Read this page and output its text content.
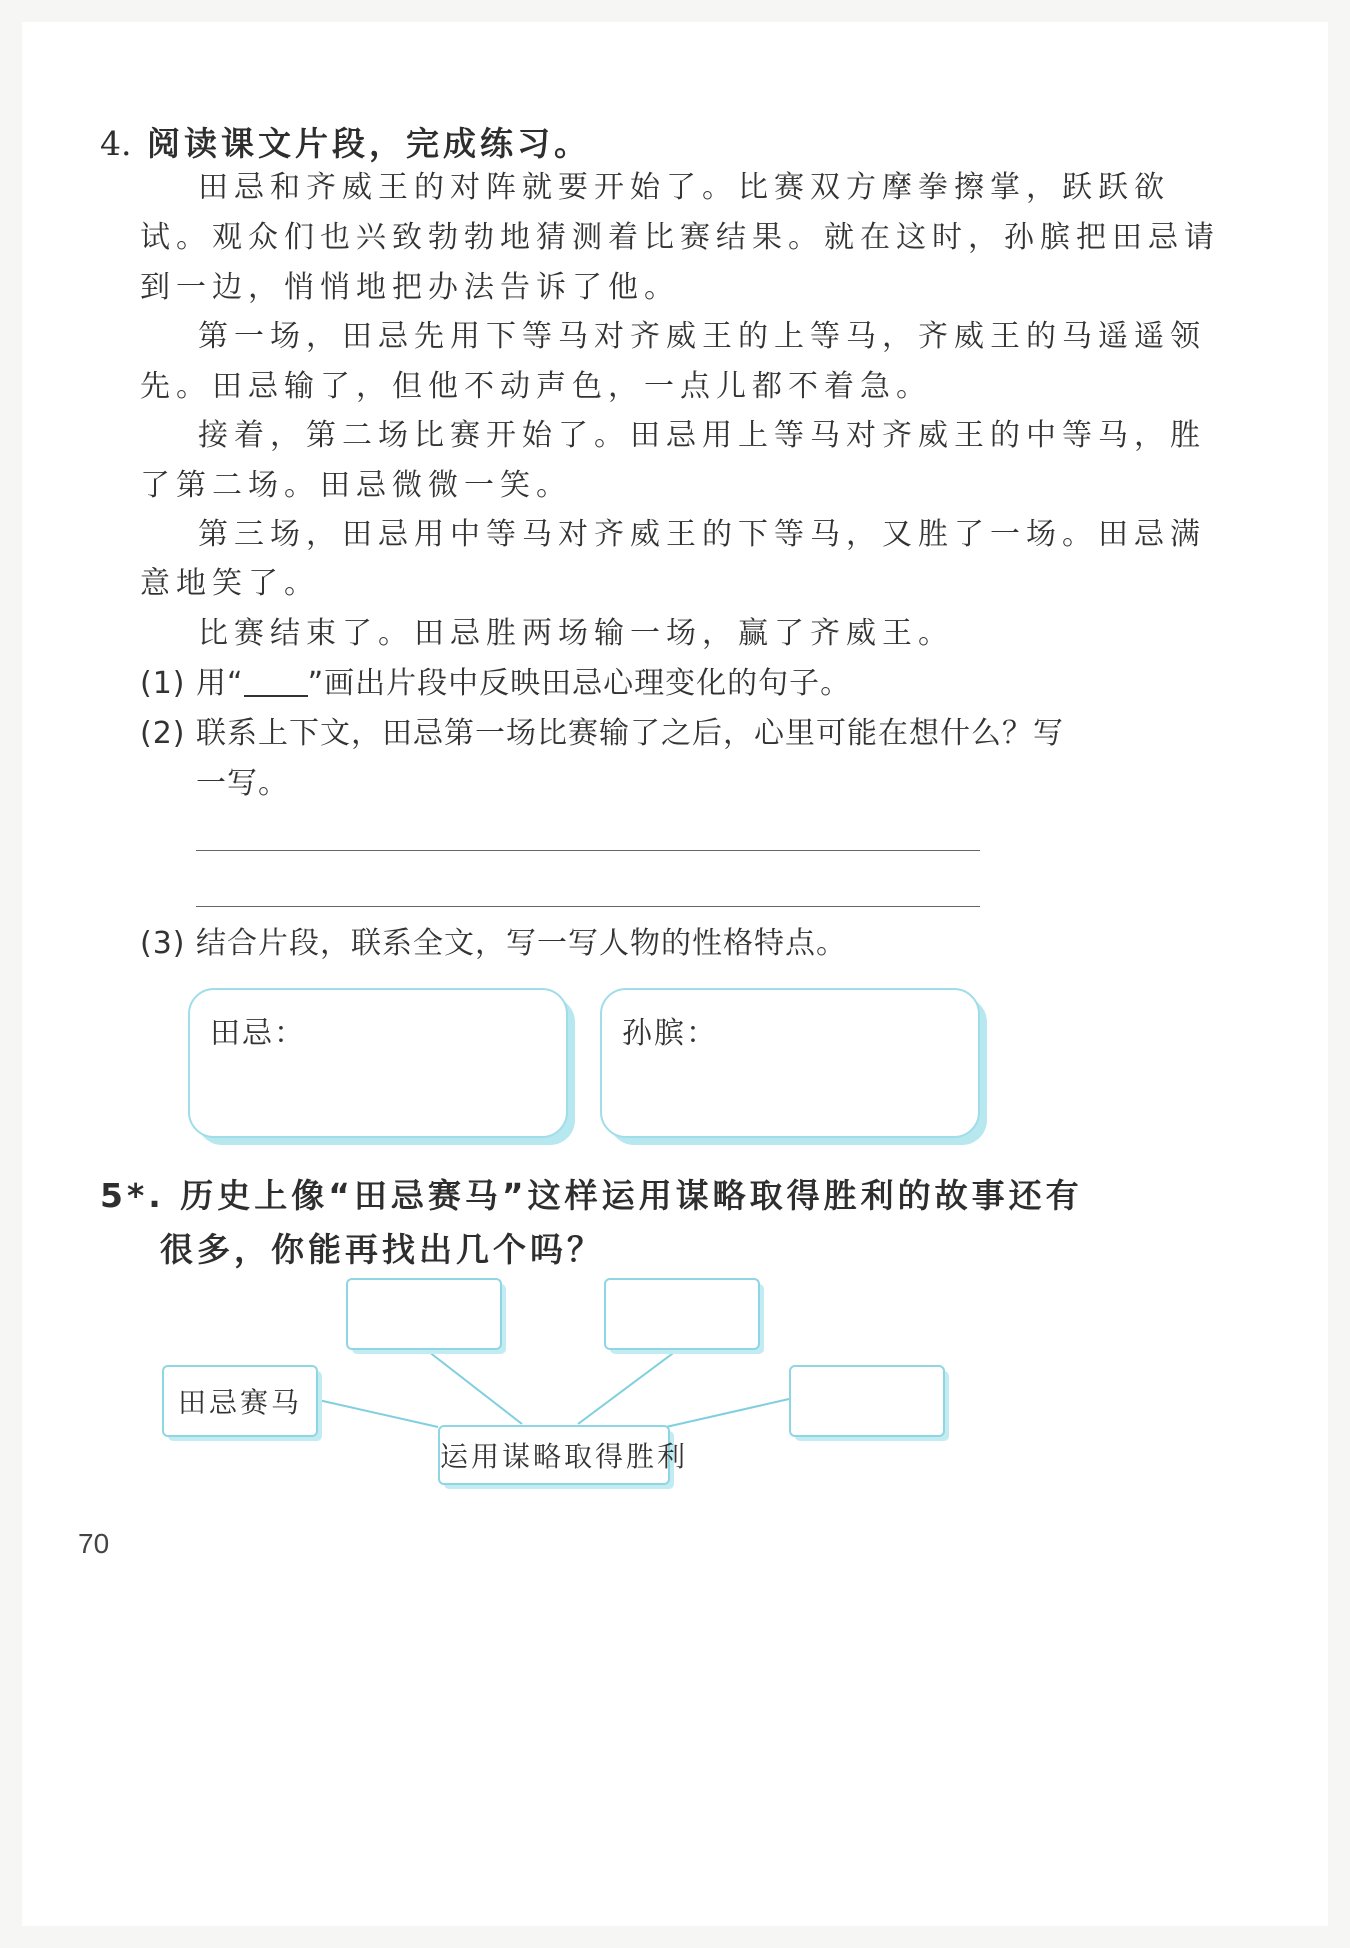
4. 阅读课文片段，完成练习。
田忌和齐威王的对阵就要开始了。比赛双方摩拳擦掌，跃跃欲
试。观众们也兴致勃勃地猜测着比赛结果。就在这时，孙膑把田忌请
到一边，悄悄地把办法告诉了他。
第一场，田忌先用下等马对齐威王的上等马，齐威王的马遥遥领
先。田忌输了，但他不动声色，一点儿都不着急。
接着，第二场比赛开始了。田忌用上等马对齐威王的中等马，胜
了第二场。田忌微微一笑。
第三场，田忌用中等马对齐威王的下等马，又胜了一场。田忌满
意地笑了。
比赛结束了。田忌胜两场输一场，赢了齐威王。
(1) 用“ ”画出片段中反映田忌心理变化的句子。
(2) 联系上下文，田忌第一场比赛输了之后，心里可能在想什么？写
一写。
(3) 结合片段，联系全文，写一写人物的性格特点。
田忌：	孙膑：
5*. 历史上像“田忌赛马”这样运用谋略取得胜利的故事还有
很多，你能再找出几个吗？
田忌赛马
运用谋略取得胜利
70
